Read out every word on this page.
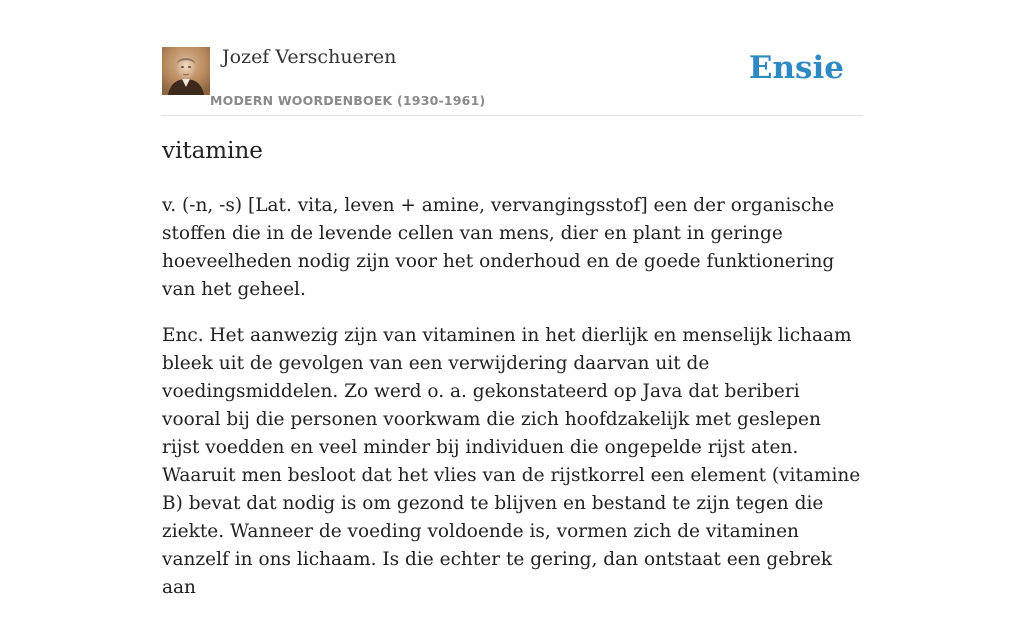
Jozef Verschueren
MODERN WOORDENBOEK (1930-1961)
Ensie
vitamine

v. (-n, -s) [Lat. vita, leven + amine, vervangingsstof] een der organische stoffen die in de levende cellen van mens, dier en plant in geringe hoeveelheden nodig zijn voor het onderhoud en de goede funktionering van het geheel.

Enc. Het aanwezig zijn van vitaminen in het dierlijk en menselijk lichaam bleek uit de gevolgen van een verwijdering daarvan uit de voedingsmiddelen. Zo werd o. a. gekonstateerd op Java dat beriberi vooral bij die personen voorkwam die zich hoofdzakelijk met geslepen rijst voedden en veel minder bij individuen die ongepelde rijst aten. Waaruit men besloot dat het vlies van de rijstkorrel een element (vitamine B) bevat dat nodig is om gezond te blijven en bestand te zijn tegen die ziekte. Wanneer de voeding voldoende is, vormen zich de vitaminen vanzelf in ons lichaam. Is die echter te gering, dan ontstaat een gebrek aan
